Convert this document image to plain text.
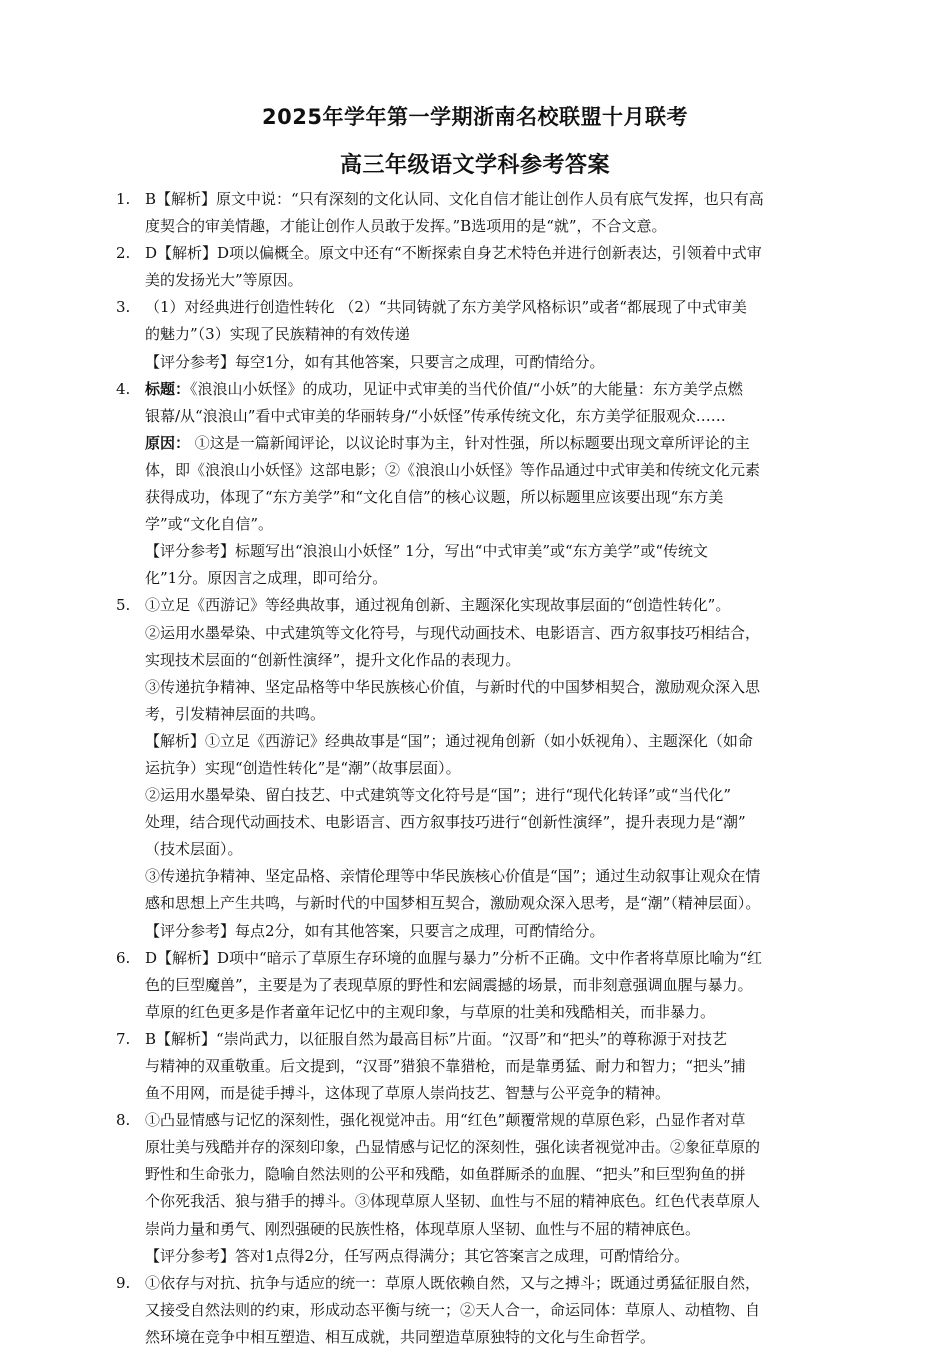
2025年学年第一学期浙南名校联盟十月联考
高三年级语文学科参考答案
1. B【解析】原文中说：“只有深刻的文化认同、文化自信才能让创作人员有底气发挥，也只有高
度契合的审美情趣，才能让创作人员敢于发挥。”B选项用的是“就”，不合文意。
2. D【解析】D项以偏概全。原文中还有“不断探索自身艺术特色并进行创新表达，引领着中式审
美的发扬光大”等原因。
3. （1）对经典进行创造性转化 （2）“共同铸就了东方美学风格标识”或者“都展现了中式审美
的魅力”（3）实现了民族精神的有效传递
【评分参考】每空1分，如有其他答案，只要言之成理，可酌情给分。
4. 标题：《浪浪山小妖怪》的成功，见证中式审美的当代价值/“小妖”的大能量：东方美学点燃
银幕/从“浪浪山”看中式审美的华丽转身/“小妖怪”传承传统文化，东方美学征服观众……
原因： ①这是一篇新闻评论，以议论时事为主，针对性强，所以标题要出现文章所评论的主
体，即《浪浪山小妖怪》这部电影；②《浪浪山小妖怪》等作品通过中式审美和传统文化元素
获得成功，体现了“东方美学”和“文化自信”的核心议题，所以标题里应该要出现“东方美
学”或“文化自信”。
【评分参考】标题写出“浪浪山小妖怪” 1分，写出“中式审美”或“东方美学”或“传统文
化”1分。原因言之成理，即可给分。
5. ①立足《西游记》等经典故事，通过视角创新、主题深化实现故事层面的“创造性转化”。
②运用水墨晕染、中式建筑等文化符号，与现代动画技术、电影语言、西方叙事技巧相结合，
实现技术层面的“创新性演绎”，提升文化作品的表现力。
③传递抗争精神、坚定品格等中华民族核心价值，与新时代的中国梦相契合，激励观众深入思
考，引发精神层面的共鸣。
【解析】①立足《西游记》经典故事是“国”；通过视角创新（如小妖视角）、主题深化（如命
运抗争）实现“创造性转化”是“潮”（故事层面）。
②运用水墨晕染、留白技艺、中式建筑等文化符号是“国”；进行“现代化转译”或“当代化”
处理，结合现代动画技术、电影语言、西方叙事技巧进行“创新性演绎”，提升表现力是“潮”
（技术层面）。
③传递抗争精神、坚定品格、亲情伦理等中华民族核心价值是“国”；通过生动叙事让观众在情
感和思想上产生共鸣，与新时代的中国梦相互契合，激励观众深入思考，是“潮”（精神层面）。
【评分参考】每点2分，如有其他答案，只要言之成理，可酌情给分。
6. D【解析】D项中“暗示了草原生存环境的血腥与暴力”分析不正确。文中作者将草原比喻为“红
色的巨型魔兽”，主要是为了表现草原的野性和宏阔震撼的场景，而非刻意强调血腥与暴力。
草原的红色更多是作者童年记忆中的主观印象，与草原的壮美和残酷相关，而非暴力。
7. B【解析】“崇尚武力，以征服自然为最高目标”片面。“汉哥”和“把头”的尊称源于对技艺
与精神的双重敬重。后文提到，“汉哥”猎狼不靠猎枪，而是靠勇猛、耐力和智力；“把头”捕
鱼不用网，而是徒手搏斗，这体现了草原人崇尚技艺、智慧与公平竞争的精神。
8. ①凸显情感与记忆的深刻性，强化视觉冲击。用“红色”颠覆常规的草原色彩，凸显作者对草
原壮美与残酷并存的深刻印象，凸显情感与记忆的深刻性，强化读者视觉冲击。②象征草原的
野性和生命张力，隐喻自然法则的公平和残酷，如鱼群厮杀的血腥、“把头”和巨型狗鱼的拼
个你死我活、狼与猎手的搏斗。③体现草原人坚韧、血性与不屈的精神底色。红色代表草原人
崇尚力量和勇气、刚烈强硬的民族性格，体现草原人坚韧、血性与不屈的精神底色。
【评分参考】答对1点得2分，任写两点得满分；其它答案言之成理，可酌情给分。
9. ①依存与对抗、抗争与适应的统一：草原人既依赖自然，又与之搏斗；既通过勇猛征服自然，
又接受自然法则的约束，形成动态平衡与统一；②天人合一，命运同体：草原人、动植物、自
然环境在竞争中相互塑造、相互成就，共同塑造草原独特的文化与生命哲学。
